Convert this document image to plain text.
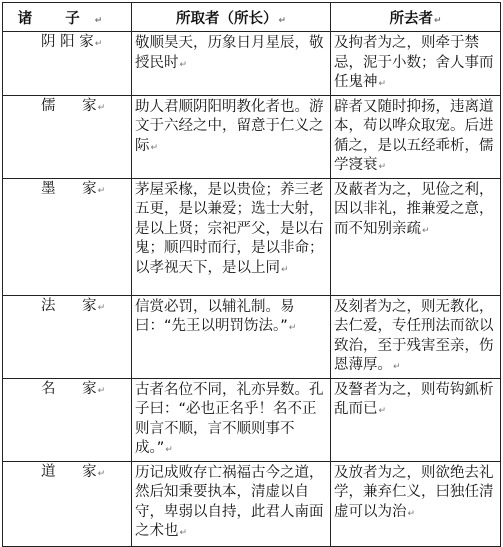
诸 子↵	所取者（所长）↵	所去者↵
阴 阳 家↵	敬顺昊天，历象日月星辰，敬授民时↵	及拘者为之，则牵于禁忌，泥于小数；舍人事而任鬼神↵
儒 家↵	助人君顺阴阳明教化者也。游文于六经之中，留意于仁义之际↵	辟者又随时抑扬，违离道本，苟以哗众取宠。后进循之，是以五经乖析，儒学寖衰↵
墨 家↵	茅屋采椽，是以贵俭；养三老五更，是以兼爱；选士大射，是以上贤；宗祀严父，是以右鬼；顺四时而行，是以非命；以孝视天下，是以上同↵	及蔽者为之，见俭之利，因以非礼，推兼爱之意，而不知别亲疏↵
法 家↵	信赏必罚，以辅礼制。易曰：“先王以明罚饬法。”↵	及刻者为之，则无教化，去仁爱，专任刑法而欲以致治，至于残害至亲，伤恩薄厚。↵
名 家↵	古者名位不同，礼亦异数。孔子曰：“必也正名乎！名不正则言不顺，言不顺则事不成。”↵	及謷者为之，则苟钩釽析乱而已↵
道 家↵	历记成败存亡祸福古今之道，然后知秉要执本，清虚以自守，卑弱以自持，此君人南面之术也↵	及放者为之，则欲绝去礼学，兼弃仁义，曰独任清虚可以为治↵
